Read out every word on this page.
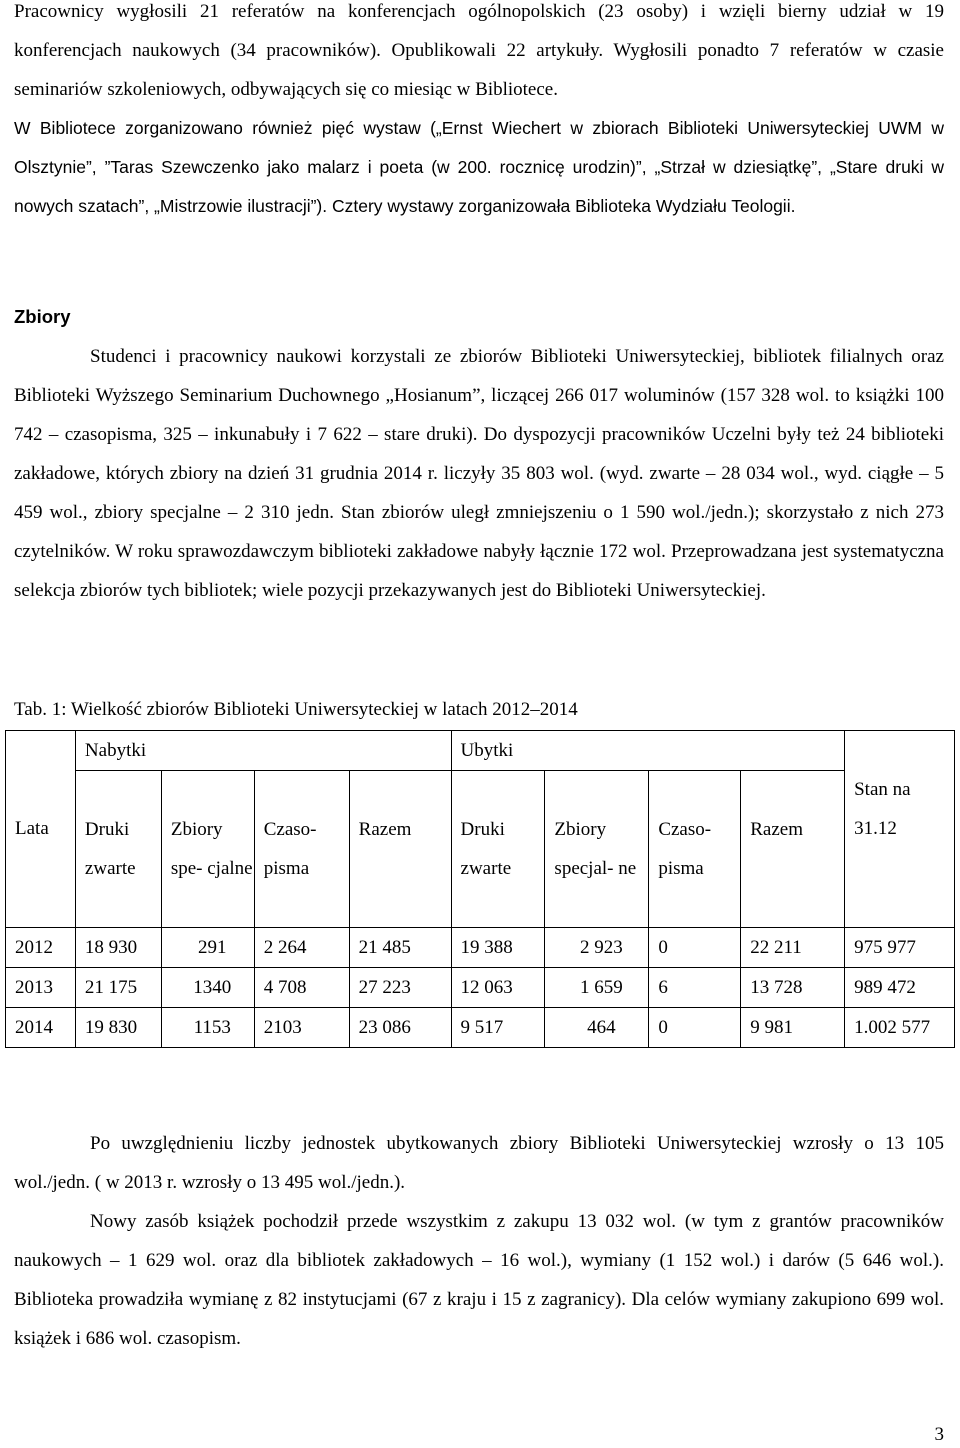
Pracownicy wygłosili 21 referatów na konferencjach ogólnopolskich (23 osoby) i wzięli bierny udział w 19 konferencjach naukowych (34 pracowników). Opublikowali 22 artykuły. Wygłosili ponadto 7 referatów w czasie seminariów szkoleniowych, odbywających się co miesiąc w Bibliotece.

W Bibliotece zorganizowano również pięć wystaw („Ernst Wiechert w zbiorach Biblioteki Uniwersyteckiej UWM w Olsztynie”, ”Taras Szewczenko jako malarz i poeta (w 200. rocznicę urodzin)”, „Strzał w dziesiątkę”, „Stare druki w nowych szatach”, „Mistrzowie ilustracji”). Cztery wystawy zorganizowała Biblioteka Wydziału Teologii.

Zbiory

Studenci i pracownicy naukowi korzystali ze zbiorów Biblioteki Uniwersyteckiej, bibliotek filialnych oraz Biblioteki Wyższego Seminarium Duchownego „Hosianum”, liczącej 266 017 woluminów (157 328 wol. to książki 100 742 – czasopisma, 325 – inkunabuły i 7 622 – stare druki). Do dyspozycji pracowników Uczelni były też 24 biblioteki zakładowe, których zbiory na dzień 31 grudnia 2014 r. liczyły 35 803 wol. (wyd. zwarte – 28 034 wol., wyd. ciągłe – 5 459 wol., zbiory specjalne – 2 310 jedn. Stan zbiorów uległ zmniejszeniu o 1 590 wol./jedn.); skorzystało z nich 273 czytelników. W roku sprawozdawczym biblioteki zakładowe nabyły łącznie 172 wol. Przeprowadzana jest systematyczna selekcja zbiorów tych bibliotek; wiele pozycji przekazywanych jest do Biblioteki Uniwersyteckiej.

Tab. 1: Wielkość zbiorów Biblioteki Uniwersyteckiej w latach 2012–2014
Lata	Nabytki				Ubytki				Stan na 31.12
	Druki zwarte	Zbiory spe- cjalne	Czaso- pisma	Razem	Druki zwarte	Zbiory specjal- ne	Czaso- pisma	Razem	
2012	18 930	291	2 264	21 485	19 388	2 923	0	22 211	975 977
2013	21 175	1340	4 708	27 223	12 063	1 659	6	13 728	989 472
2014	19 830	1153	2103	23 086	9 517	464	0	9 981	1.002 577

Po uwzględnieniu liczby jednostek ubytkowanych zbiory Biblioteki Uniwersyteckiej wzrosły o 13 105 wol./jedn. ( w 2013 r. wzrosły o 13 495 wol./jedn.).

Nowy zasób książek pochodził przede wszystkim z zakupu 13 032 wol. (w tym z grantów pracowników naukowych – 1 629 wol. oraz dla bibliotek zakładowych – 16 wol.), wymiany (1 152 wol.) i darów (5 646 wol.). Biblioteka prowadziła wymianę z 82 instytucjami (67 z kraju i 15 z zagranicy). Dla celów wymiany zakupiono 699 wol. książek i 686 wol. czasopism.

3
